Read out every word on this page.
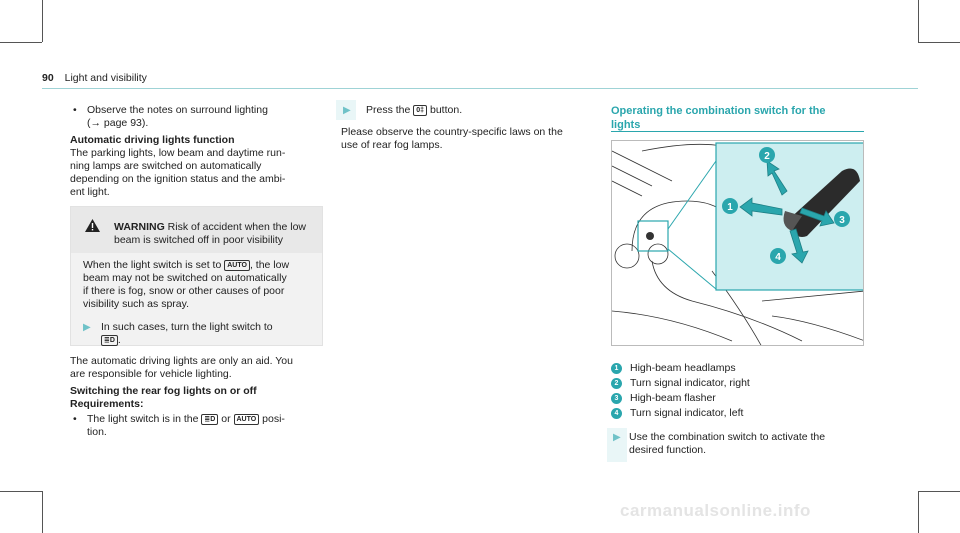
90 Light and visibility
• Observe the notes on surround lighting
(→ page 93).
Automatic driving lights function
The parking lights, low beam and daytime run-
ning lamps are switched on automatically
depending on the ignition status and the ambi-
ent light.
WARNING Risk of accident when the low
beam is switched off in poor visibility
When the light switch is set to AUTO , the low
beam may not be switched on automatically
if there is fog, snow or other causes of poor
visibility such as spray.
▶ In such cases, turn the light switch to
≣D .
The automatic driving lights are only an aid. You
are responsible for vehicle lighting.
Switching the rear fog lights on or off
Requirements:
• The light switch is in the ≣D or AUTO posi-
tion.
▶ Press the 0‡ button.
Please observe the country-specific laws on the
use of rear fog lamps.
Operating the combination switch for the
lights
1
2
3
4
1	High-beam headlamps
2	Turn signal indicator, right
3	High-beam flasher
4	Turn signal indicator, left
▶ Use the combination switch to activate the
desired function.
carmanualsonline.info
